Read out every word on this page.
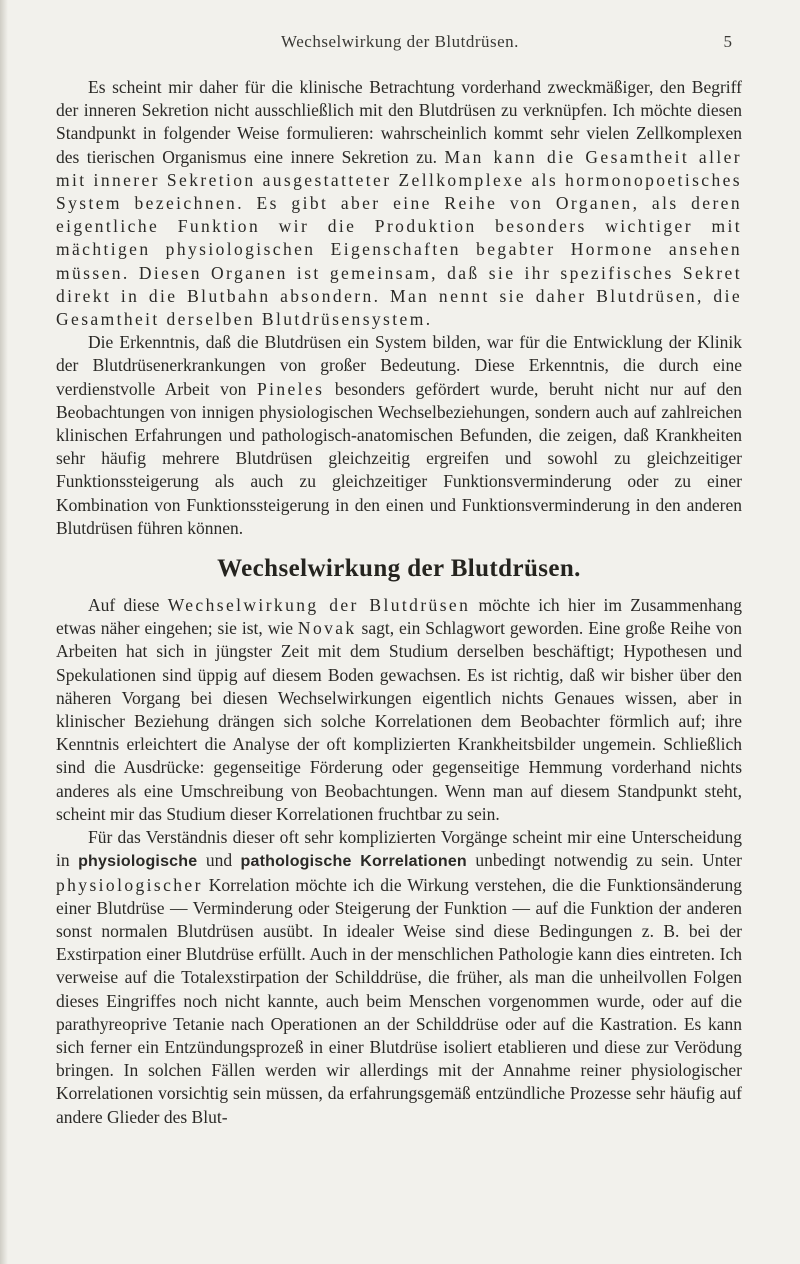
Wechselwirkung der Blutdrüsen.	5

Es scheint mir daher für die klinische Betrachtung vorderhand zweckmäßiger, den Begriff der inneren Sekretion nicht ausschließlich mit den Blutdrüsen zu verknüpfen. Ich möchte diesen Standpunkt in folgender Weise formulieren: wahrscheinlich kommt sehr vielen Zellkomplexen des tierischen Organismus eine innere Sekretion zu. Man kann die Gesamtheit aller mit innerer Sekretion ausgestatteter Zellkomplexe als hormonopoetisches System bezeichnen. Es gibt aber eine Reihe von Organen, als deren eigentliche Funktion wir die Produktion besonders wichtiger mit mächtigen physiologischen Eigenschaften begabter Hormone ansehen müssen. Diesen Organen ist gemeinsam, daß sie ihr spezifisches Sekret direkt in die Blutbahn absondern. Man nennt sie daher Blutdrüsen, die Gesamtheit derselben Blutdrüsensystem.

Die Erkenntnis, daß die Blutdrüsen ein System bilden, war für die Entwicklung der Klinik der Blutdrüsenerkrankungen von großer Bedeutung. Diese Erkenntnis, die durch eine verdienstvolle Arbeit von Pineles besonders gefördert wurde, beruht nicht nur auf den Beobachtungen von innigen physiologischen Wechselbeziehungen, sondern auch auf zahlreichen klinischen Erfahrungen und pathologisch-anatomischen Befunden, die zeigen, daß Krankheiten sehr häufig mehrere Blutdrüsen gleichzeitig ergreifen und sowohl zu gleichzeitiger Funktionssteigerung als auch zu gleichzeitiger Funktionsverminderung oder zu einer Kombination von Funktionssteigerung in den einen und Funktionsverminderung in den anderen Blutdrüsen führen können.

Wechselwirkung der Blutdrüsen.

Auf diese Wechselwirkung der Blutdrüsen möchte ich hier im Zusammenhang etwas näher eingehen; sie ist, wie Novak sagt, ein Schlagwort geworden. Eine große Reihe von Arbeiten hat sich in jüngster Zeit mit dem Studium derselben beschäftigt; Hypothesen und Spekulationen sind üppig auf diesem Boden gewachsen. Es ist richtig, daß wir bisher über den näheren Vorgang bei diesen Wechselwirkungen eigentlich nichts Genaues wissen, aber in klinischer Beziehung drängen sich solche Korrelationen dem Beobachter förmlich auf; ihre Kenntnis erleichtert die Analyse der oft komplizierten Krankheitsbilder ungemein. Schließlich sind die Ausdrücke: gegenseitige Förderung oder gegenseitige Hemmung vorderhand nichts anderes als eine Umschreibung von Beobachtungen. Wenn man auf diesem Standpunkt steht, scheint mir das Studium dieser Korrelationen fruchtbar zu sein.

Für das Verständnis dieser oft sehr komplizierten Vorgänge scheint mir eine Unterscheidung in physiologische und pathologische Korrelationen unbedingt notwendig zu sein. Unter physiologischer Korrelation möchte ich die Wirkung verstehen, die die Funktionsänderung einer Blutdrüse — Verminderung oder Steigerung der Funktion — auf die Funktion der anderen sonst normalen Blutdrüsen ausübt. In idealer Weise sind diese Bedingungen z. B. bei der Exstirpation einer Blutdrüse erfüllt. Auch in der menschlichen Pathologie kann dies eintreten. Ich verweise auf die Totalexstirpation der Schilddrüse, die früher, als man die unheilvollen Folgen dieses Eingriffes noch nicht kannte, auch beim Menschen vorgenommen wurde, oder auf die parathyreoprive Tetanie nach Operationen an der Schilddrüse oder auf die Kastration. Es kann sich ferner ein Entzündungsprozeß in einer Blutdrüse isoliert etablieren und diese zur Verödung bringen. In solchen Fällen werden wir allerdings mit der Annahme reiner physiologischer Korrelationen vorsichtig sein müssen, da erfahrungsgemäß entzündliche Prozesse sehr häufig auf andere Glieder des Blut-
